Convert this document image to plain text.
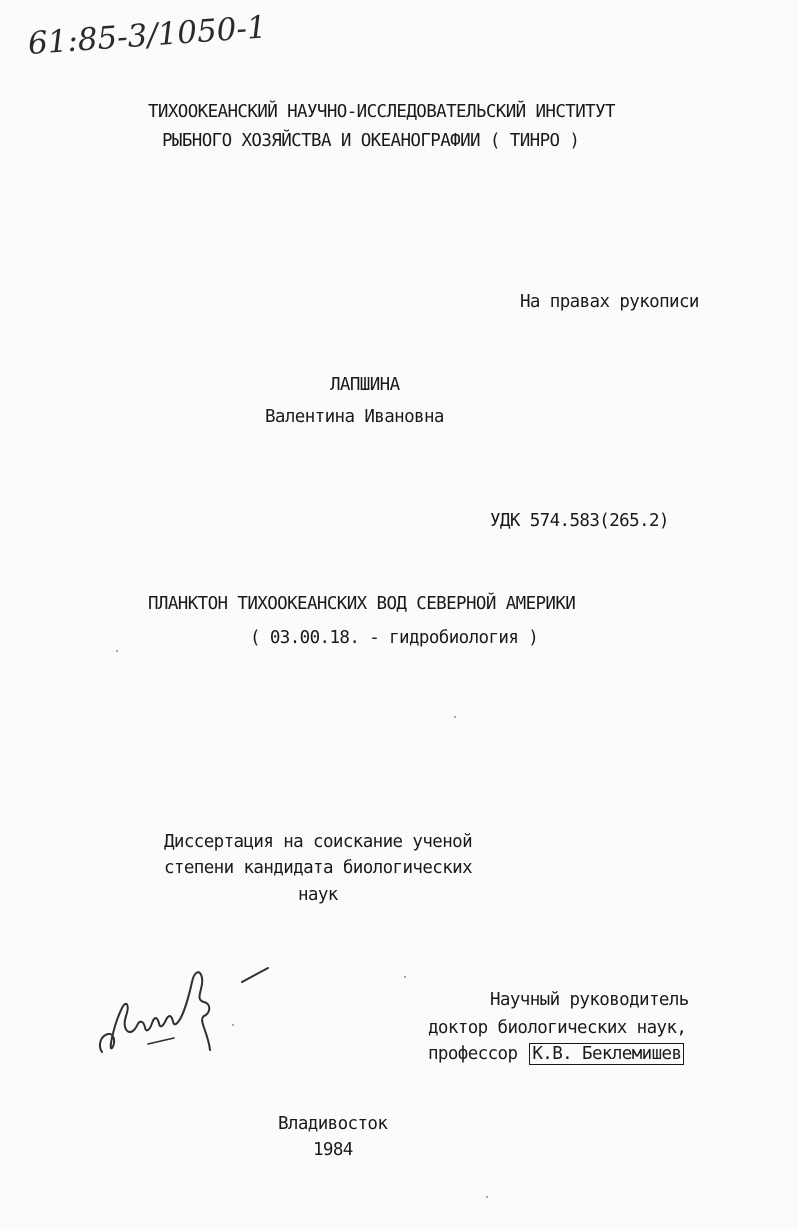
61:85-3/1050-1
ТИХООКЕАНСКИЙ НАУЧНО-ИССЛЕДОВАТЕЛЬСКИЙ ИНСТИТУТ
РЫБНОГО ХОЗЯЙСТВА И ОКЕАНОГРАФИИ ( ТИНРО )
На правах рукописи
ЛАПШИНА
Валентина Ивановна
УДК 574.583(265.2)
ПЛАНКТОН ТИХООКЕАНСКИХ ВОД СЕВЕРНОЙ АМЕРИКИ
( 03.00.18. - гидробиология )
Диссертация на соискание ученой
степени кандидата биологических
наук
Научный руководитель
доктор биологических наук,
профессор К.В. Беклемишев
Владивосток
1984
